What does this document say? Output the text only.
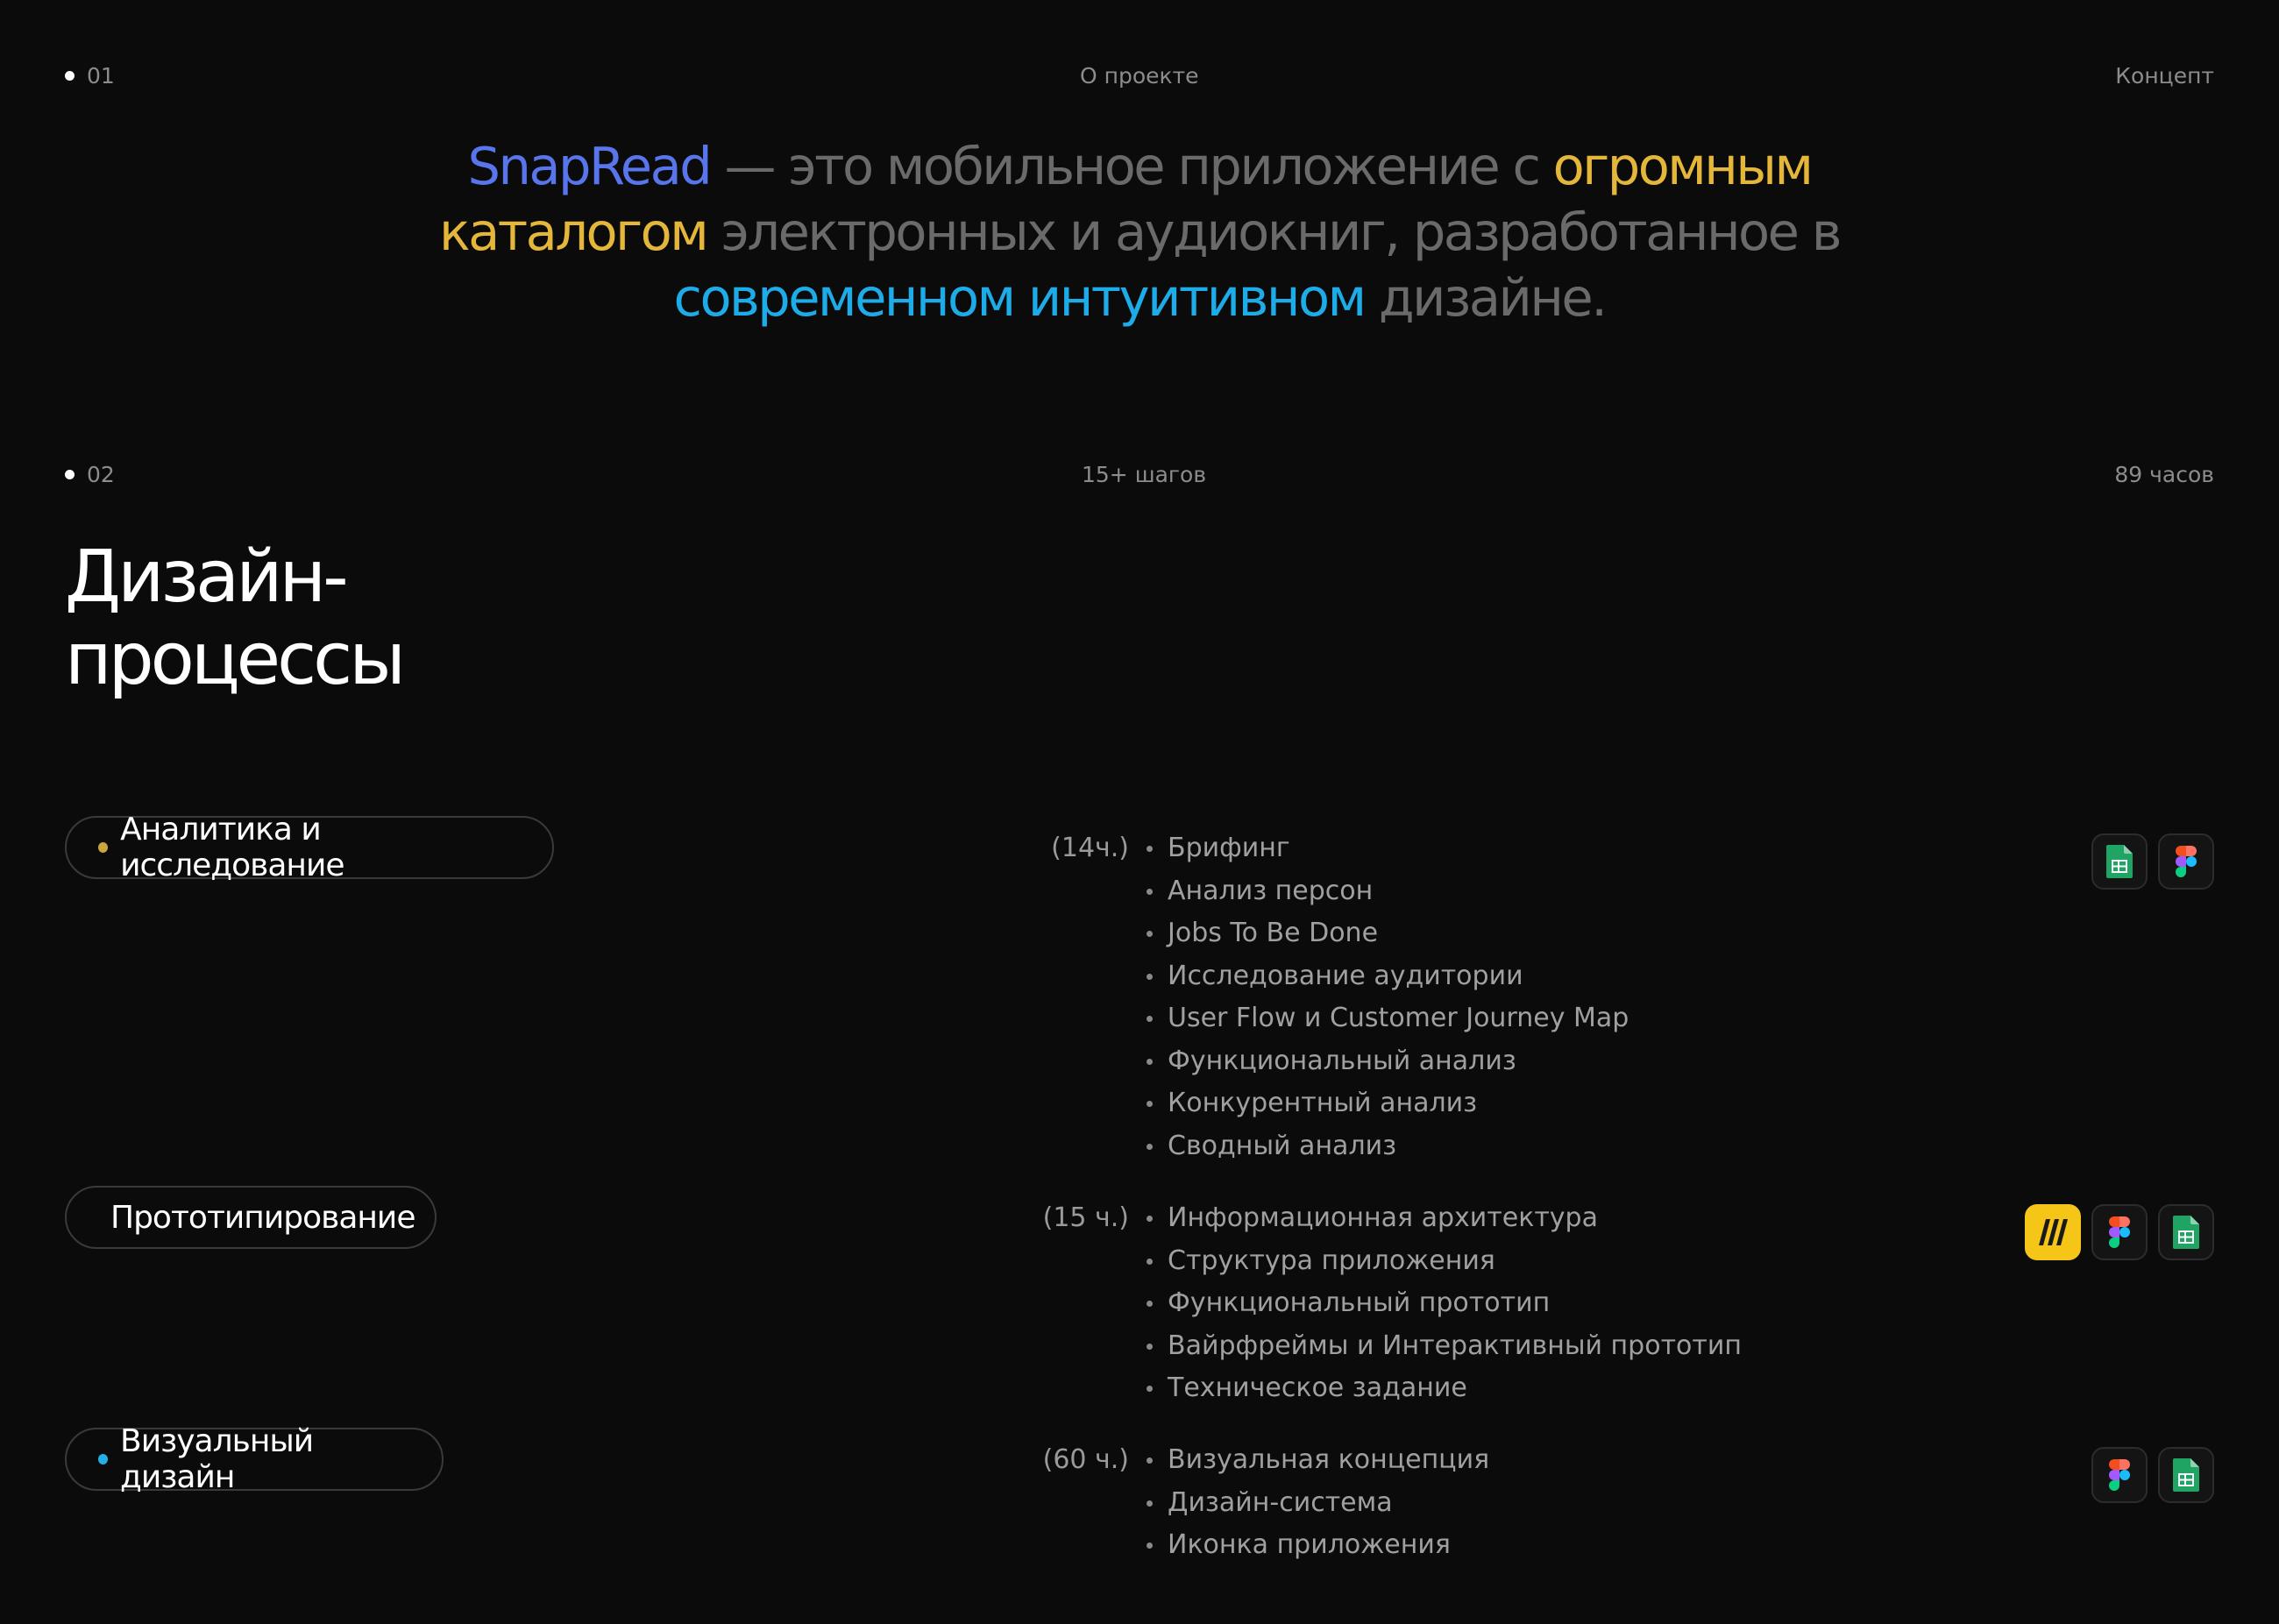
01	О проекте	Концепт

SnapRead — это мобильное приложение с огромным каталогом электронных и аудиокниг, разработанное в современном интуитивном дизайне.

02	15+ шагов	89 часов
Дизайн-
процессы
Аналитика и исследование	(14ч.)	Брифинг
Анализ персон
Jobs To Be Done
Исследование аудитории
User Flow и Customer Journey Map
Функциональный анализ
Конкурентный анализ
Сводный анализ
Прототипирование	(15 ч.)	Информационная архитектура
Структура приложения
Функциональный прототип
Вайрфреймы и Интерактивный прототип
Техническое задание
Визуальный дизайн	(60 ч.)	Визуальная концепция
Дизайн-система
Иконка приложения
